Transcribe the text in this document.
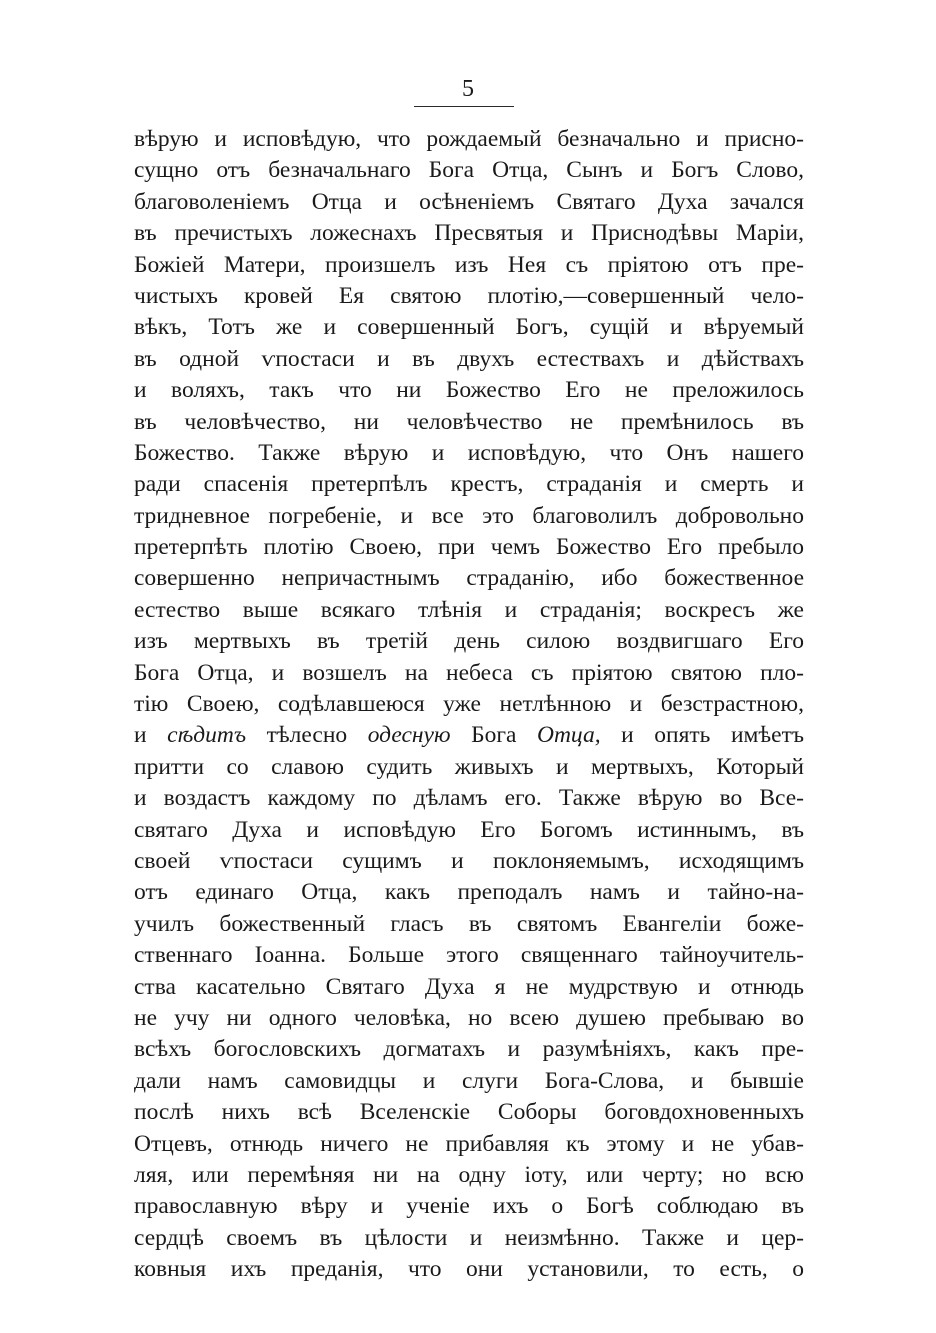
5
вѣрую и исповѣдую, что рождаемый безначально и присно-
сущно отъ безначальнаго Бога Отца, Сынъ и Богъ Слово,
благоволеніемъ Отца и осѣненіемъ Святаго Духа зачался
въ пречистыхъ ложеснахъ Пресвятыя и Приснодѣвы Маріи,
Божіей Матери, произшелъ изъ Нея съ пріятою отъ пре-
чистыхъ кровей Ея святою плотію,—совершенный чело-
вѣкъ, Тотъ же и совершенный Богъ, сущій и вѣруемый
въ одной ѵпостаси и въ двухъ естествахъ и дѣйствахъ
и воляхъ, такъ что ни Божество Его не преложилось
въ человѣчество, ни человѣчество не премѣнилось въ
Божество. Также вѣрую и исповѣдую, что Онъ нашего
ради спасенія претерпѣлъ крестъ, страданія и смерть и
тридневное погребеніе, и все это благоволилъ добровольно
претерпѣть плотію Своею, при чемъ Божество Его пребыло
совершенно непричастнымъ страданію, ибо божественное
естество выше всякаго тлѣнія и страданія; воскресъ же
изъ мертвыхъ въ третій день силою воздвигшаго Его
Бога Отца, и возшелъ на небеса съ пріятою святою пло-
тію Своею, содѣлавшеюся уже нетлѣнною и безстрастною,
и сѣдитъ тѣлесно одесную Бога Отца, и опять имѣетъ
притти со славою судить живыхъ и мертвыхъ, Который
и воздастъ каждому по дѣламъ его. Также вѣрую во Все-
святаго Духа и исповѣдую Его Богомъ истиннымъ, въ
своей ѵпостаси сущимъ и поклоняемымъ, исходящимъ
отъ единаго Отца, какъ преподалъ намъ и тайно-на-
училъ божественный гласъ въ святомъ Евангеліи боже-
ственнаго Іоанна. Больше этого священнаго тайноучитель-
ства касательно Святаго Духа я не мудрствую и отнюдь
не учу ни одного человѣка, но всею душею пребываю во
всѣхъ богословскихъ догматахъ и разумѣніяхъ, какъ пре-
дали намъ самовидцы и слуги Бога-Слова, и бывшіе
послѣ нихъ всѣ Вселенскіе Соборы боговдохновенныхъ
Отцевъ, отнюдь ничего не прибавляя къ этому и не убав-
ляя, или перемѣняя ни на одну іоту, или черту; но всю
православную вѣру и ученіе ихъ о Богѣ соблюдаю въ
сердцѣ своемъ въ цѣлости и неизмѣнно. Также и цер-
ковныя ихъ преданія, что они установили, то есть, о
